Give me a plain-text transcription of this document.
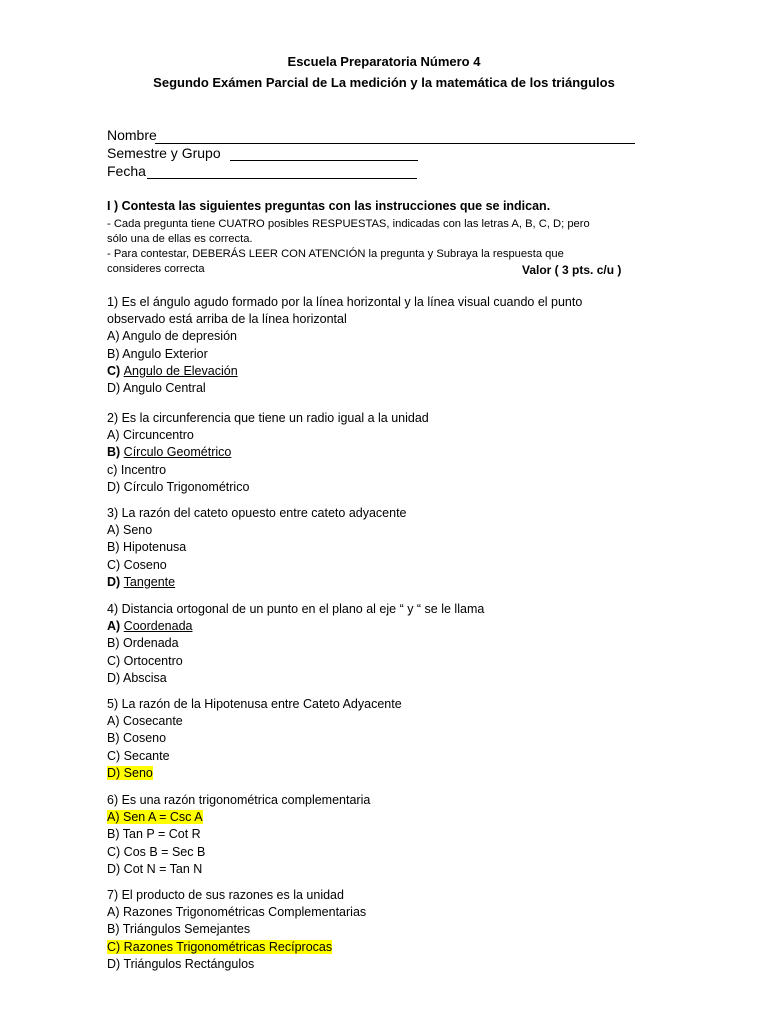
Escuela Preparatoria Número 4
Segundo Exámen Parcial de La medición y la matemática de los triángulos
Nombre
Semestre y Grupo
Fecha
I ) Contesta las siguientes preguntas con las instrucciones que se indican.
- Cada pregunta tiene CUATRO posibles RESPUESTAS, indicadas con las letras A, B, C, D; pero
sólo una de ellas es correcta.
- Para contestar, DEBERÁS LEER CON ATENCIÓN la pregunta y Subraya la respuesta que
consideres correcta	Valor ( 3 pts. c/u )
1) Es el ángulo agudo formado por la línea horizontal y la línea visual cuando el punto
observado está arriba de la línea horizontal
A) Angulo de depresión
B) Angulo Exterior
C) Angulo de Elevación
D) Angulo Central
2) Es la circunferencia que tiene un radio igual a la unidad
A) Circuncentro
B) Círculo Geométrico
c) Incentro
D) Círculo Trigonométrico
3) La razón del cateto opuesto entre cateto adyacente
A) Seno
B) Hipotenusa
C) Coseno
D) Tangente
4) Distancia ortogonal de un punto en el plano al eje “ y “ se le llama
A) Coordenada
B) Ordenada
C) Ortocentro
D) Abscisa
5) La razón de la Hipotenusa entre Cateto Adyacente
A) Cosecante
B) Coseno
C) Secante
D) Seno
6) Es una razón trigonométrica complementaria
A) Sen A = Csc A
B) Tan P = Cot R
C) Cos B = Sec B
D) Cot N = Tan N
7) El producto de sus razones es la unidad
A) Razones Trigonométricas Complementarias
B) Triángulos Semejantes
C) Razones Trigonométricas Recíprocas
D) Triángulos Rectángulos
